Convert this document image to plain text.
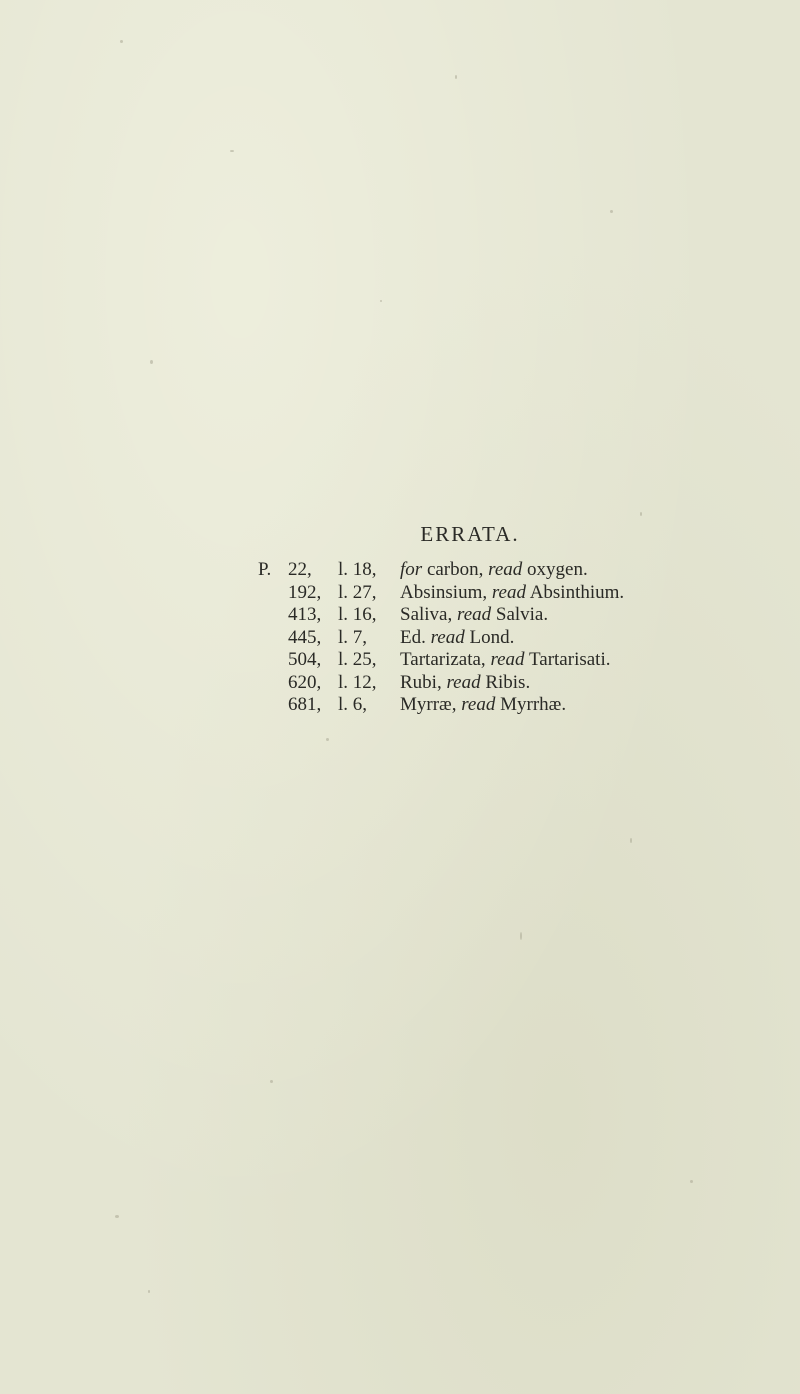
ERRATA.
P.	22,	l. 18,	for carbon, read oxygen.
	192,	l. 27,	Absinsium, read Absinthium.
	413,	l. 16,	Saliva, read Salvia.
	445,	l. 7,	Ed. read Lond.
	504,	l. 25,	Tartarizata, read Tartarisati.
	620,	l. 12,	Rubi, read Ribis.
	681,	l. 6,	Myrræ, read Myrrhæ.
